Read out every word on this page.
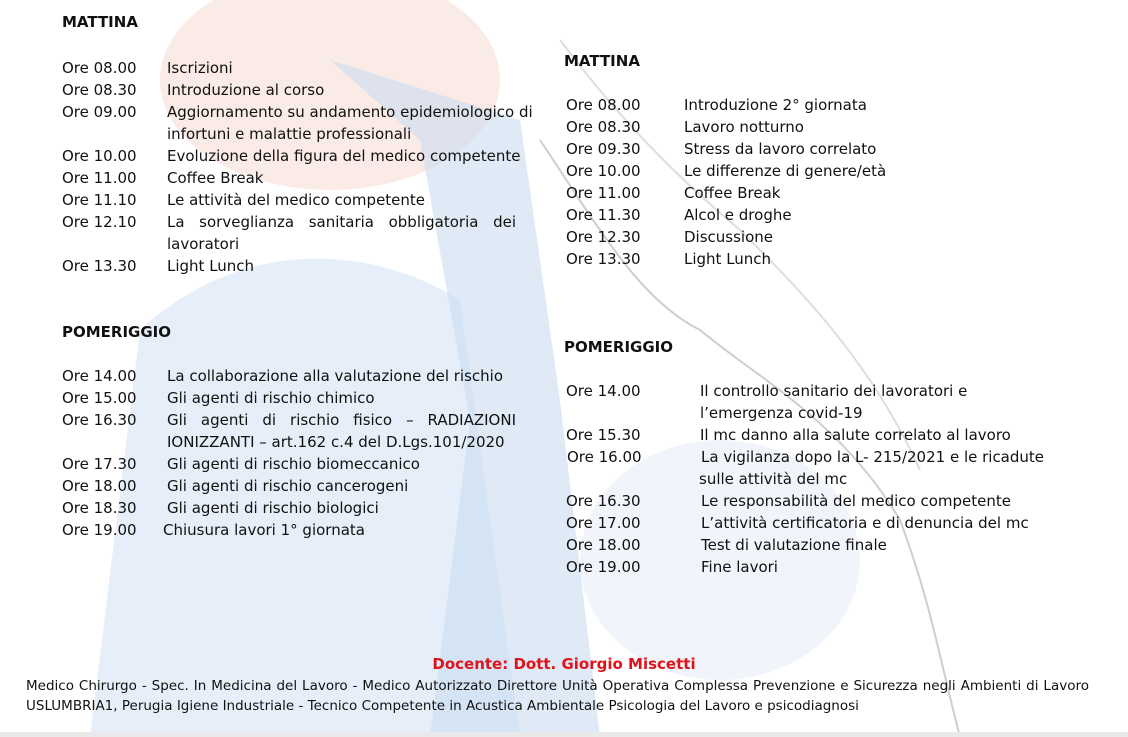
MATTINA
Ore 08.00 Iscrizioni
Ore 08.30 Introduzione al corso
Ore 09.00 Aggiornamento su andamento epidemiologico di
infortuni e malattie professionali
Ore 10.00 Evoluzione della figura del medico competente
Ore 11.00 Coffee Break
Ore 11.10 Le attività del medico competente
Ore 12.10 La sorveglianza sanitaria obbligatoria dei
lavoratori
Ore 13.30 Light Lunch
POMERIGGIO
Ore 14.00 La collaborazione alla valutazione del rischio
Ore 15.00 Gli agenti di rischio chimico
Ore 16.30 Gli agenti di rischio fisico – RADIAZIONI
IONIZZANTI – art.162 c.4 del D.Lgs.101/2020
Ore 17.30 Gli agenti di rischio biomeccanico
Ore 18.00 Gli agenti di rischio cancerogeni
Ore 18.30 Gli agenti di rischio biologici
Ore 19.00 Chiusura lavori 1° giornata
MATTINA
Ore 08.00	Introduzione 2° giornata
Ore 08.30	Lavoro notturno
Ore 09.30	Stress da lavoro correlato
Ore 10.00	Le differenze di genere/età
Ore 11.00	Coffee Break
Ore 11.30	Alcol e droghe
Ore 12.30	Discussione
Ore 13.30	Light Lunch
POMERIGGIO
Ore 14.00	Il controllo sanitario dei lavoratori e
l’emergenza covid-19
Ore 15.30	Il mc danno alla salute correlato al lavoro
Ore 16.00	La vigilanza dopo la L- 215/2021 e le ricadute
sulle attività del mc
Ore 16.30	Le responsabilità del medico competente
Ore 17.00	L’attività certificatoria e di denuncia del mc
Ore 18.00	Test di valutazione finale
Ore 19.00	Fine lavori
Docente: Dott. Giorgio Miscetti
Medico Chirurgo - Spec. In Medicina del Lavoro - Medico Autorizzato Direttore Unità Operativa Complessa Prevenzione e Sicurezza negli Ambienti di Lavoro USLUMBRIA1, Perugia Igiene Industriale - Tecnico Competente in Acustica Ambientale Psicologia del Lavoro e psicodiagnosi
